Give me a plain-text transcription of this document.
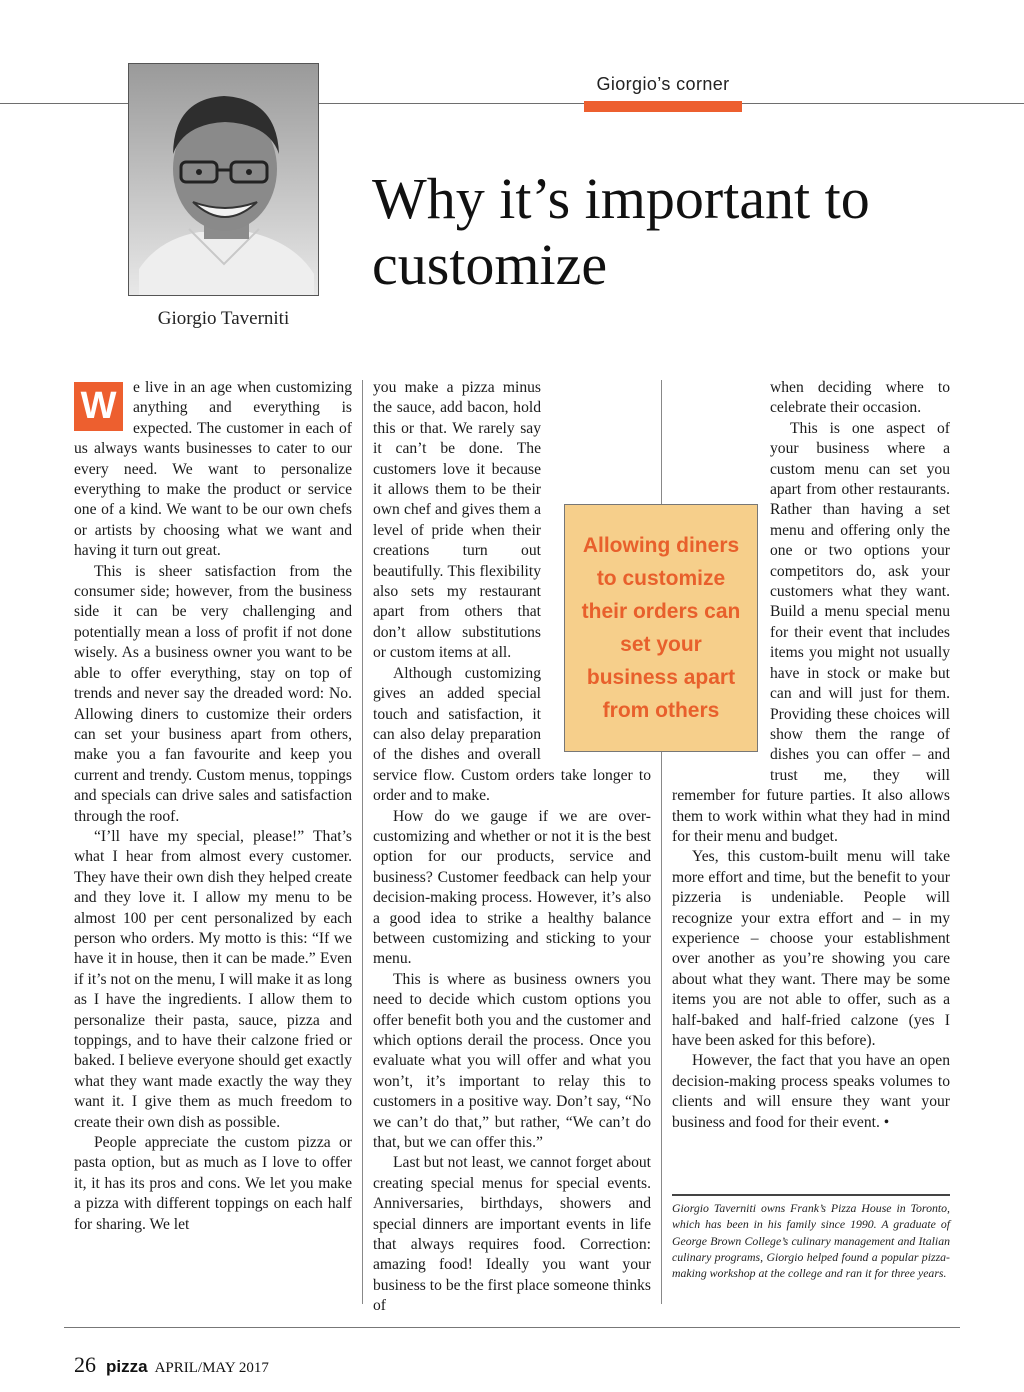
Giorgio’s corner
Giorgio Taverniti
Why it’s important to customize

W	e live in an age when customizing anything and everything is expected. The customer in each of us always wants businesses to cater to our every need. We want to personalize everything to make the product or service one of a kind. We want to be our own chefs or artists by choosing what we want and having it turn out great.

This is sheer satisfaction from the consumer side; however, from the business side it can be very challenging and potentially mean a loss of profit if not done wisely. As a business owner you want to be able to offer everything, stay on top of trends and never say the dreaded word: No. Allowing diners to customize their orders can set your business apart from others, make you a fan favourite and keep you current and trendy. Custom menus, toppings and specials can drive sales and satisfaction through the roof.

“I’ll have my special, please!” That’s what I hear from almost every customer. They have their own dish they helped create and they love it. I allow my menu to be almost 100 per cent personalized by each person who orders. My motto is this: “If we have it in house, then it can be made.” Even if it’s not on the menu, I will make it as long as I have the ingredients. I allow them to personalize their pasta, sauce, pizza and toppings, and to have their calzone fried or baked. I believe everyone should get exactly what they want made exactly the way they want it. I give them as much freedom to create their own dish as possible.

People appreciate the custom pizza or pasta option, but as much as I love to offer it, it has its pros and cons. We let you make a pizza with different toppings on each half for sharing. We let

you make a pizza minus the sauce, add bacon, hold this or that. We rarely say it can’t be done. The customers love it because it allows them to be their own chef and gives them a level of pride when their creations turn out beautifully. This flexibility also sets my restaurant apart from others that don’t allow substitutions or custom items at all.

Although customizing gives an added special touch and satisfaction, it can also delay preparation of the dishes and overall service flow. Custom orders take longer to order and to make.

How do we gauge if we are over-customizing and whether or not it is the best option for our products, service and business? Customer feedback can help your decision-making process. However, it’s also a good idea to strike a healthy balance between customizing and sticking to your menu.

This is where as business owners you need to decide which custom options you offer benefit both you and the customer and which options derail the process. Once you evaluate what you will offer and what you won’t, it’s important to relay this to customers in a positive way. Don’t say, “No we can’t do that,” but rather, “We can’t do that, but we can offer this.”

Last but not least, we cannot forget about creating special menus for special events. Anniversaries, birthdays, showers and special dinners are important events in life that always requires food. Correction: amazing food! Ideally you want your business to be the first place someone thinks of

when deciding where to celebrate their occasion.

This is one aspect of your business where a custom menu can set you apart from other restaurants. Rather than having a set menu and offering only the one or two options your competitors do, ask your customers what they want. Build a menu special menu for their event that includes items you might not usually have in stock or make but can and will just for them. Providing these choices will show them the range of dishes you can offer – and trust me, they will remember for future parties. It also allows them to work within what they had in mind for their menu and budget.

Yes, this custom-built menu will take more effort and time, but the benefit to your pizzeria is undeniable. People will recognize your extra effort and – in my experience – choose your establishment over another as you’re showing you care about what they want. There may be some items you are not able to offer, such as a half-baked and half-fried calzone (yes I have been asked for this before).

However, the fact that you have an open decision-making process speaks volumes to clients and will ensure they want your business and food for their event. •

Allowing diners to customize their orders can set your business apart from others

Giorgio Taverniti owns Frank’s Pizza House in Toronto, which has been in his family since 1990. A graduate of George Brown College’s culinary management and Italian culinary programs, Giorgio helped found a popular pizza-making workshop at the college and ran it for three years.

26 pizza APRIL/MAY 2017
